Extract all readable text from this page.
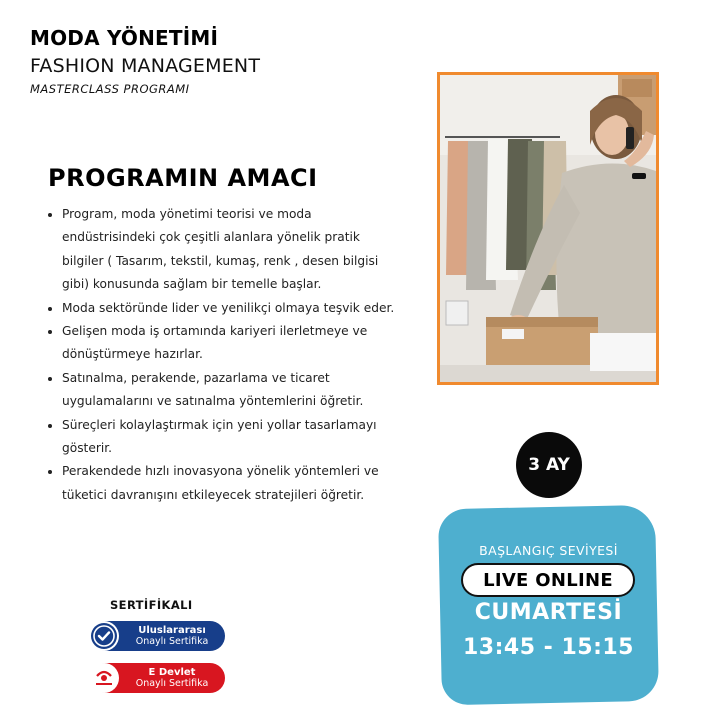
MODA YÖNETİMİ
FASHION MANAGEMENT
MASTERCLASS PROGRAMI
PROGRAMIN AMACI
• Program, moda yönetimi teorisi ve moda endüstrisindeki çok çeşitli alanlara yönelik pratik bilgiler ( Tasarım, tekstil, kumaş, renk , desen bilgisi gibi) konusunda sağlam bir temelle başlar.
• Moda sektöründe lider ve yenilikçi olmaya teşvik eder.
• Gelişen moda iş ortamında kariyeri ilerletmeye ve dönüştürmeye hazırlar.
• Satınalma, perakende, pazarlama ve ticaret uygulamalarını ve satınalma yöntemlerini öğretir.
• Süreçleri kolaylaştırmak için yeni yollar tasarlamayı gösterir.
• Perakendede hızlı inovasyona yönelik yöntemleri ve tüketici davranışını etkileyecek stratejileri öğretir.
3 AY
BAŞLANGIÇ SEVİYESİ
LIVE ONLINE
CUMARTESİ
13:45 - 15:15
SERTİFİKALI
Uluslararası
Onaylı Sertifika
E Devlet
Onaylı Sertifika
